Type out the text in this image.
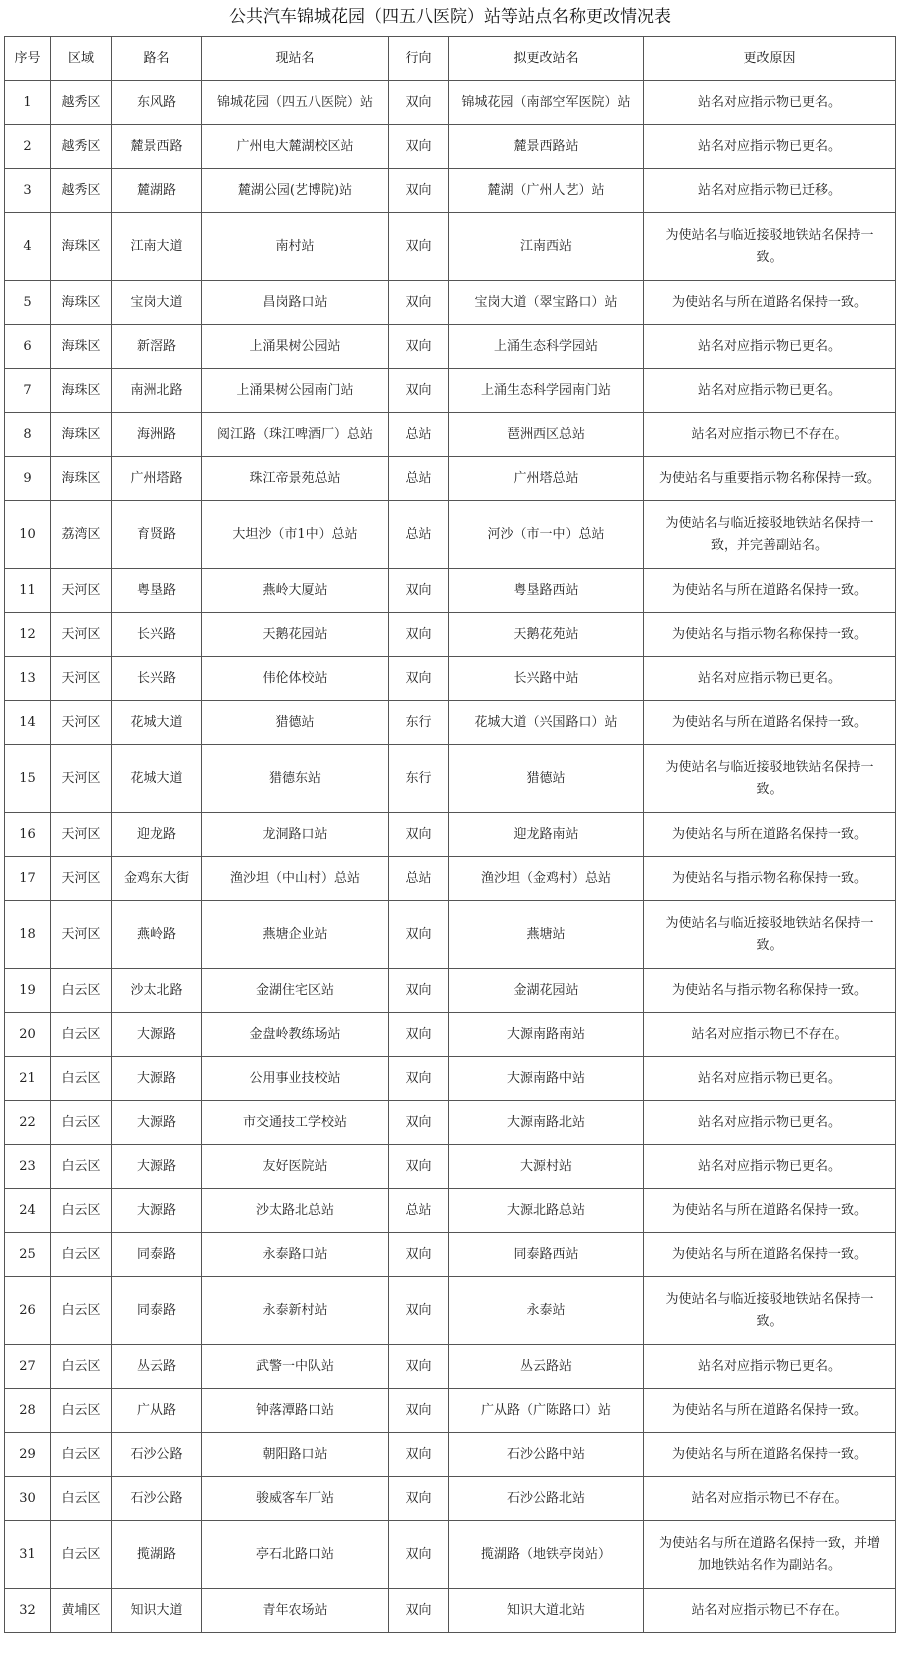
公共汽车锦城花园（四五八医院）站等站点名称更改情况表
序号	区域	路名	现站名	行向	拟更改站名	更改原因
1	越秀区	东风路	锦城花园（四五八医院）站	双向	锦城花园（南部空军医院）站	站名对应指示物已更名。
2	越秀区	麓景西路	广州电大麓湖校区站	双向	麓景西路站	站名对应指示物已更名。
3	越秀区	麓湖路	麓湖公园(艺博院)站	双向	麓湖（广州人艺）站	站名对应指示物已迁移。
4	海珠区	江南大道	南村站	双向	江南西站	为使站名与临近接驳地铁站名保持一致。
5	海珠区	宝岗大道	昌岗路口站	双向	宝岗大道（翠宝路口）站	为使站名与所在道路名保持一致。
6	海珠区	新滘路	上涌果树公园站	双向	上涌生态科学园站	站名对应指示物已更名。
7	海珠区	南洲北路	上涌果树公园南门站	双向	上涌生态科学园南门站	站名对应指示物已更名。
8	海珠区	海洲路	阅江路（珠江啤酒厂）总站	总站	琶洲西区总站	站名对应指示物已不存在。
9	海珠区	广州塔路	珠江帝景苑总站	总站	广州塔总站	为使站名与重要指示物名称保持一致。
10	荔湾区	育贤路	大坦沙（市1中）总站	总站	河沙（市一中）总站	为使站名与临近接驳地铁站名保持一致，并完善副站名。
11	天河区	粤垦路	燕岭大厦站	双向	粤垦路西站	为使站名与所在道路名保持一致。
12	天河区	长兴路	天鹅花园站	双向	天鹅花苑站	为使站名与指示物名称保持一致。
13	天河区	长兴路	伟伦体校站	双向	长兴路中站	站名对应指示物已更名。
14	天河区	花城大道	猎德站	东行	花城大道（兴国路口）站	为使站名与所在道路名保持一致。
15	天河区	花城大道	猎德东站	东行	猎德站	为使站名与临近接驳地铁站名保持一致。
16	天河区	迎龙路	龙洞路口站	双向	迎龙路南站	为使站名与所在道路名保持一致。
17	天河区	金鸡东大街	渔沙坦（中山村）总站	总站	渔沙坦（金鸡村）总站	为使站名与指示物名称保持一致。
18	天河区	燕岭路	燕塘企业站	双向	燕塘站	为使站名与临近接驳地铁站名保持一致。
19	白云区	沙太北路	金湖住宅区站	双向	金湖花园站	为使站名与指示物名称保持一致。
20	白云区	大源路	金盘岭教练场站	双向	大源南路南站	站名对应指示物已不存在。
21	白云区	大源路	公用事业技校站	双向	大源南路中站	站名对应指示物已更名。
22	白云区	大源路	市交通技工学校站	双向	大源南路北站	站名对应指示物已更名。
23	白云区	大源路	友好医院站	双向	大源村站	站名对应指示物已更名。
24	白云区	大源路	沙太路北总站	总站	大源北路总站	为使站名与所在道路名保持一致。
25	白云区	同泰路	永泰路口站	双向	同泰路西站	为使站名与所在道路名保持一致。
26	白云区	同泰路	永泰新村站	双向	永泰站	为使站名与临近接驳地铁站名保持一致。
27	白云区	丛云路	武警一中队站	双向	丛云路站	站名对应指示物已更名。
28	白云区	广从路	钟落潭路口站	双向	广从路（广陈路口）站	为使站名与所在道路名保持一致。
29	白云区	石沙公路	朝阳路口站	双向	石沙公路中站	为使站名与所在道路名保持一致。
30	白云区	石沙公路	骏威客车厂站	双向	石沙公路北站	站名对应指示物已不存在。
31	白云区	揽湖路	亭石北路口站	双向	揽湖路（地铁亭岗站）	为使站名与所在道路名保持一致，并增加地铁站名作为副站名。
32	黄埔区	知识大道	青年农场站	双向	知识大道北站	站名对应指示物已不存在。
